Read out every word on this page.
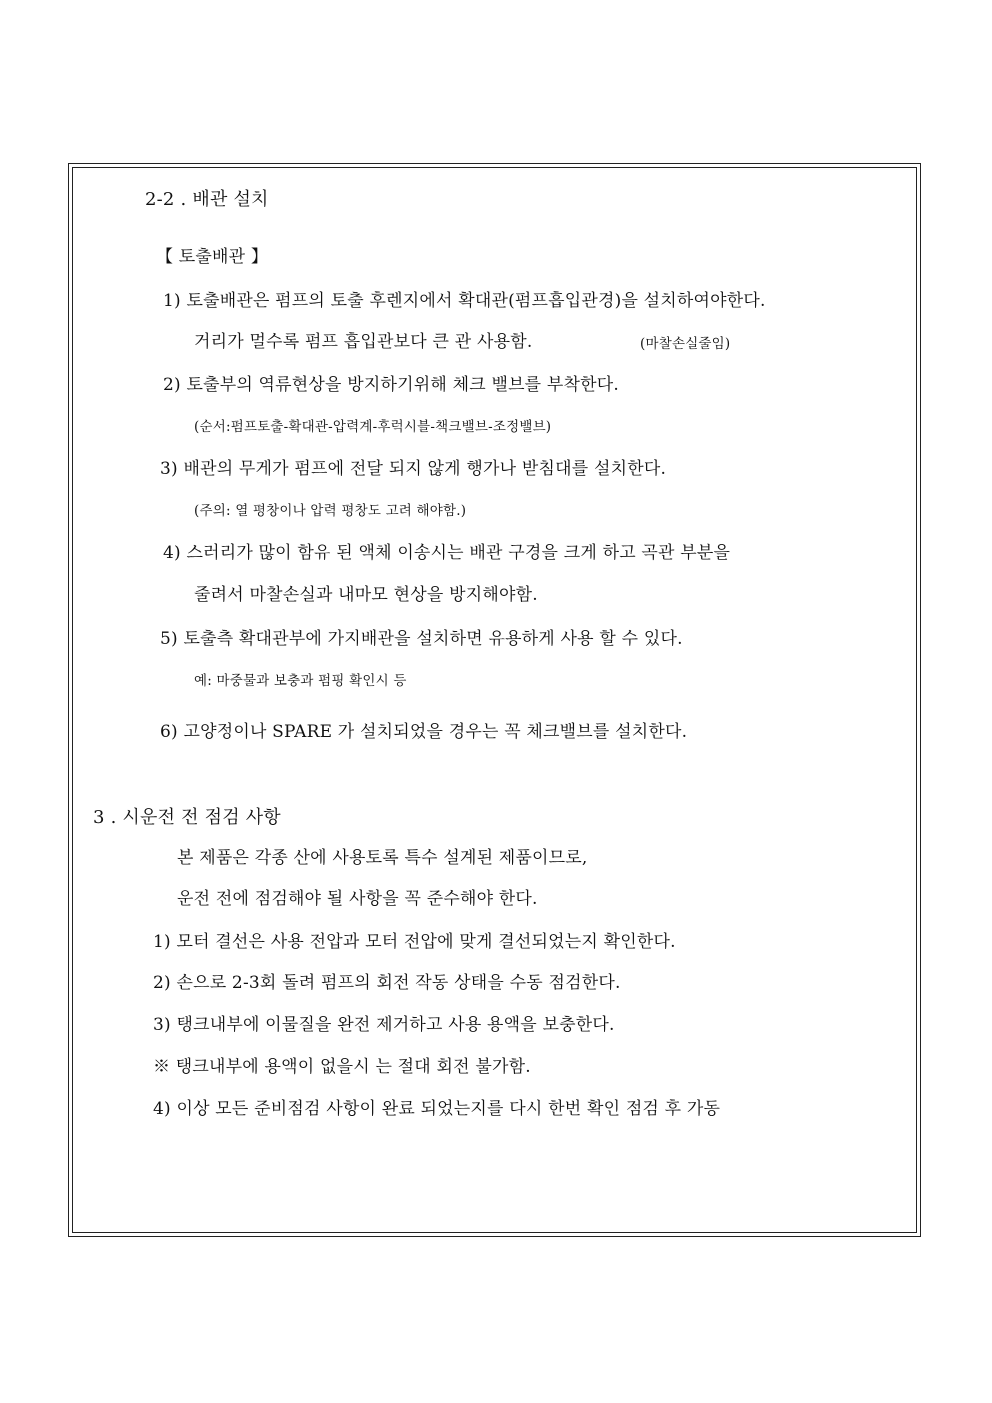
2-2 . 배관 설치
【 토출배관 】
1) 토출배관은 펌프의 토출 후렌지에서 확대관(펌프흡입관경)을 설치하여야한다.
거리가 멀수록 펌프 흡입관보다 큰 관 사용함.	(마찰손실줄임)
2) 토출부의 역류현상을 방지하기위해 체크 밸브를 부착한다.
(순서:펌프토출-확대관-압력계-후럭시블-책크밸브-조정밸브)
3) 배관의 무게가 펌프에 전달 되지 않게 행가나 받침대를 설치한다.
(주의: 열 평창이나 압력 평창도 고려 해야함.)
4) 스러리가 많이 함유 된 액체 이송시는 배관 구경을 크게 하고 곡관 부분을
줄려서 마찰손실과 내마모 현상을 방지해야함.
5) 토출측 확대관부에 가지배관을 설치하면 유용하게 사용 할 수 있다.
예: 마중물과 보충과 펌핑 확인시 등
6) 고양정이나 SPARE 가 설치되었을 경우는 꼭 체크밸브를 설치한다.
3 . 시운전 전 점검 사항
본 제품은 각종 산에 사용토록 특수 설계된 제품이므로,
운전 전에 점검해야 될 사항을 꼭 준수해야 한다.
1) 모터 결선은 사용 전압과 모터 전압에 맞게 결선되었는지 확인한다.
2) 손으로 2-3회 돌려 펌프의 회전 작동 상태을 수동 점검한다.
3) 탱크내부에 이물질을 완전 제거하고 사용 용액을 보충한다.
※ 탱크내부에 용액이 없을시 는 절대 회전 불가함.
4) 이상 모든 준비점검 사항이 완료 되었는지를 다시 한번 확인 점검 후 가동
